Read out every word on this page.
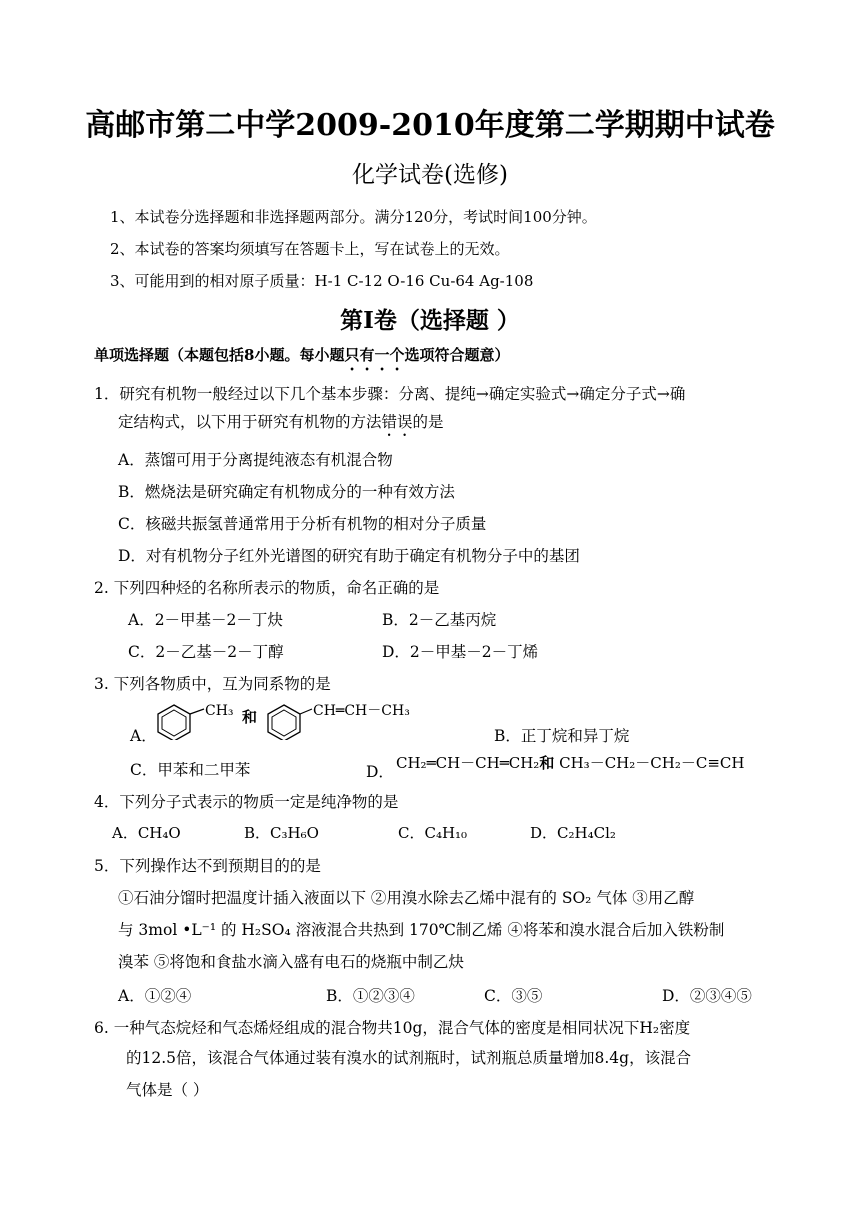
高邮市第二中学2009-2010年度第二学期期中试卷
化学试卷(选修)
1、本试卷分选择题和非选择题两部分。满分120分，考试时间100分钟。
2、本试卷的答案均须填写在答题卡上，写在试卷上的无效。
3、可能用到的相对原子质量：H-1 C-12 O-16 Cu-64 Ag-108
第Ⅰ卷（选择题 ）
单项选择题（本题包括8小题。每小题只有一个选项符合题意）
1．研究有机物一般经过以下几个基本步骤：分离、提纯→确定实验式→确定分子式→确
定结构式，以下用于研究有机物的方法错误的是
A．蒸馏可用于分离提纯液态有机混合物
B．燃烧法是研究确定有机物成分的一种有效方法
C．核磁共振氢普通常用于分析有机物的相对分子质量
D．对有机物分子红外光谱图的研究有助于确定有机物分子中的基团
2. 下列四种烃的名称所表示的物质，命名正确的是
A．2－甲基－2－丁炔	B．2－乙基丙烷
C．2－乙基－2－丁醇	D．2－甲基－2－丁烯
3. 下列各物质中，互为同系物的是
A．
CH₃ 和	CH═CH－CH₃
B．正丁烷和异丁烷
C．甲苯和二甲苯	D． CH₂═CH－CH═CH₂和 CH₃－CH₂－CH₂－C≡CH
4．下列分子式表示的物质一定是纯净物的是
A．CH₄O	B．C₃H₆O	C．C₄H₁₀	D．C₂H₄Cl₂
5．下列操作达不到预期目的的是
①石油分馏时把温度计插入液面以下 ②用溴水除去乙烯中混有的 SO₂ 气体 ③用乙醇
与 3mol •L⁻¹ 的 H₂SO₄ 溶液混合共热到 170℃制乙烯 ④将苯和溴水混合后加入铁粉制
溴苯 ⑤将饱和食盐水滴入盛有电石的烧瓶中制乙炔
A．①②④	B．①②③④	C．③⑤	D．②③④⑤
6. 一种气态烷烃和气态烯烃组成的混合物共10g，混合气体的密度是相同状况下H₂密度
的12.5倍，该混合气体通过装有溴水的试剂瓶时，试剂瓶总质量增加8.4g，该混合
气体是（ ）
